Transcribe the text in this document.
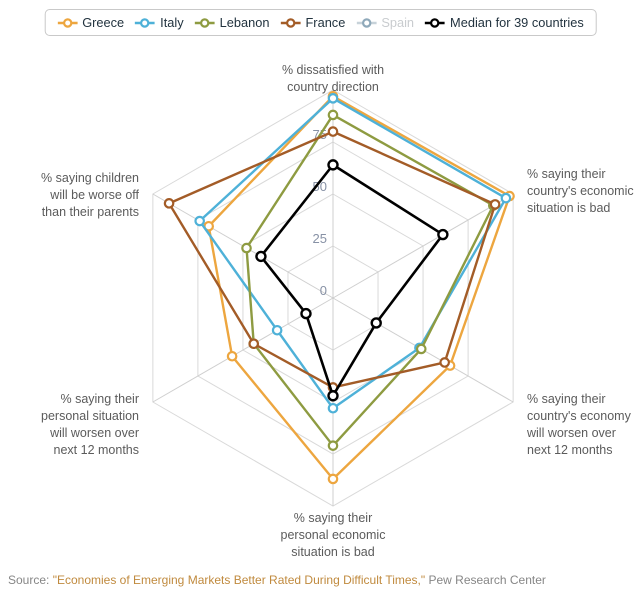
0
25
50
75
% dissatisfied with
country direction
% saying their
country's economic
situation is bad
% saying their
country's economy
will worsen over
next 12 months
% saying their
personal economic
situation is bad
% saying their
personal situation
will worsen over
next 12 months
% saying children
will be worse off
than their parents
Greece	Italy	Lebanon	France	Spain	Median for 39 countries
Source: "Economies of Emerging Markets Better Rated During Difficult Times," Pew Research Center
